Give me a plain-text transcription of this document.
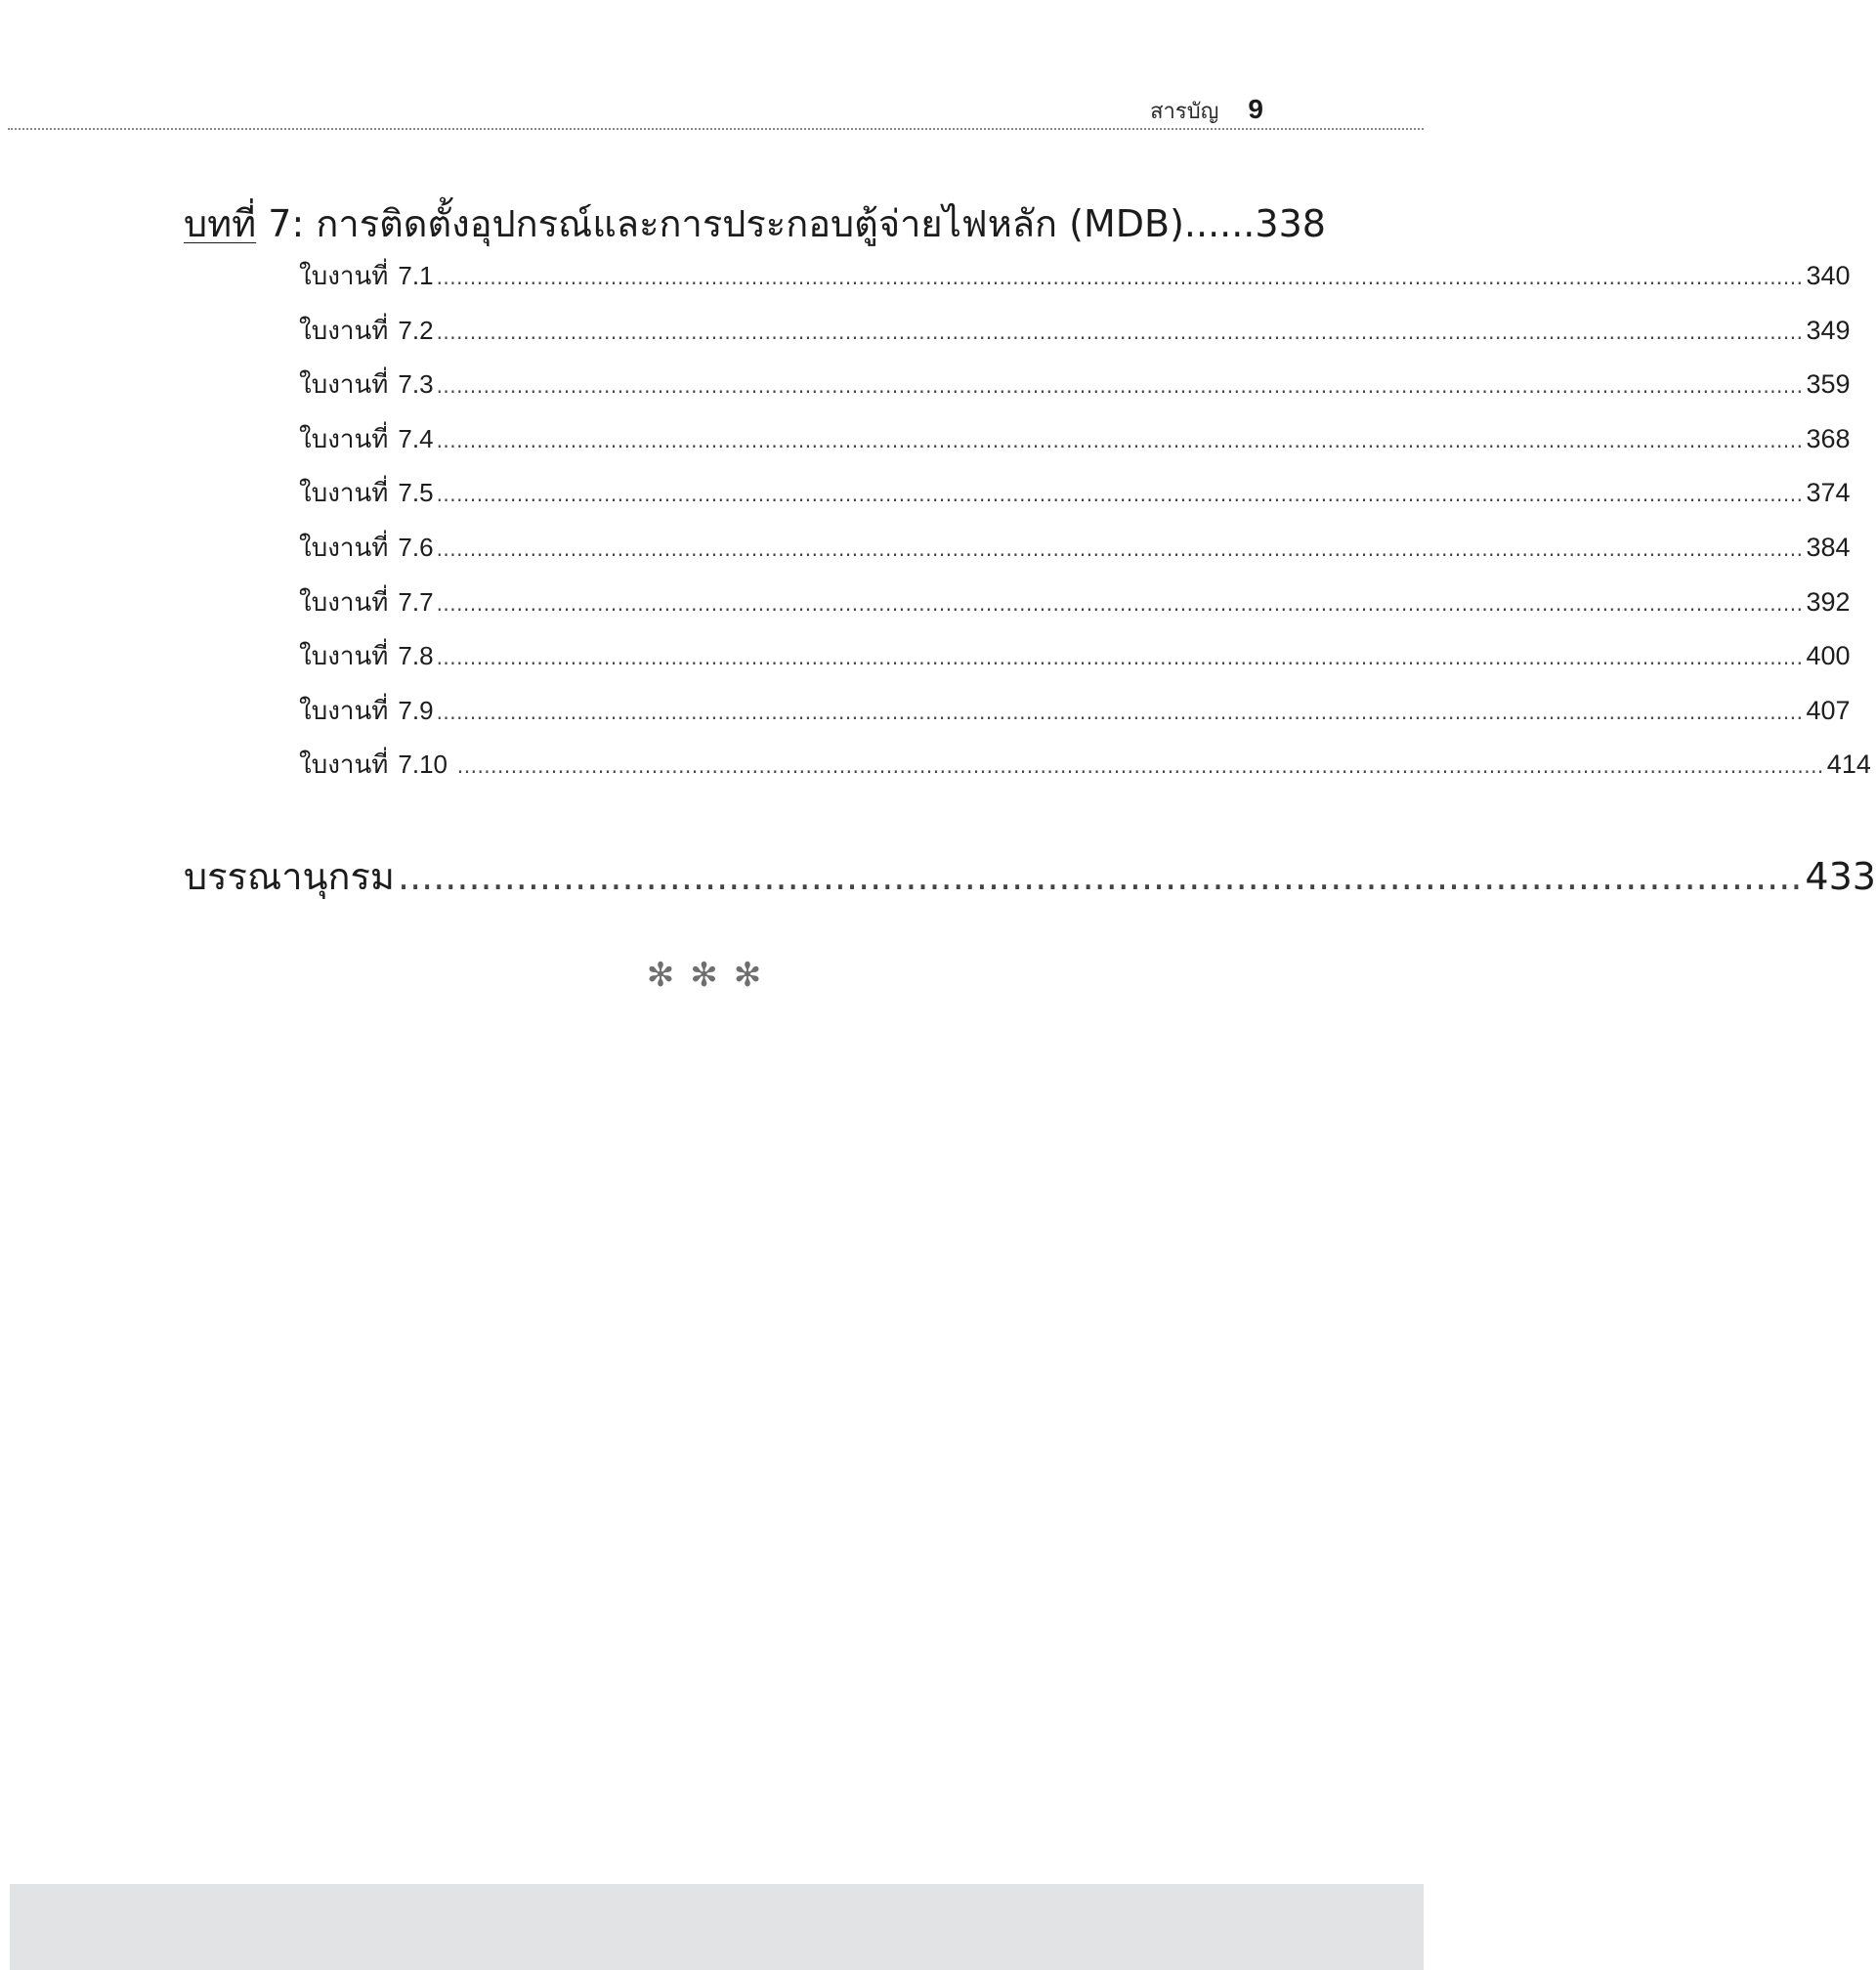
สารบัญ 9
บทที่ 7: การติดตั้งอุปกรณ์และการประกอบตู้จ่ายไฟหลัก (MDB)...... 338
ใบงานที่ 7.1 ............................................................................................................................................................................................................ 340
ใบงานที่ 7.2 ............................................................................................................................................................................................................ 349
ใบงานที่ 7.3 ............................................................................................................................................................................................................ 359
ใบงานที่ 7.4 ............................................................................................................................................................................................................ 368
ใบงานที่ 7.5 ............................................................................................................................................................................................................ 374
ใบงานที่ 7.6 ............................................................................................................................................................................................................ 384
ใบงานที่ 7.7 ............................................................................................................................................................................................................ 392
ใบงานที่ 7.8 ............................................................................................................................................................................................................ 400
ใบงานที่ 7.9 ............................................................................................................................................................................................................ 407
ใบงานที่ 7.10 ............................................................................................................................................................................................................ 414
บรรณานุกรม ....................................................................................................................... 433
✻✻✻
